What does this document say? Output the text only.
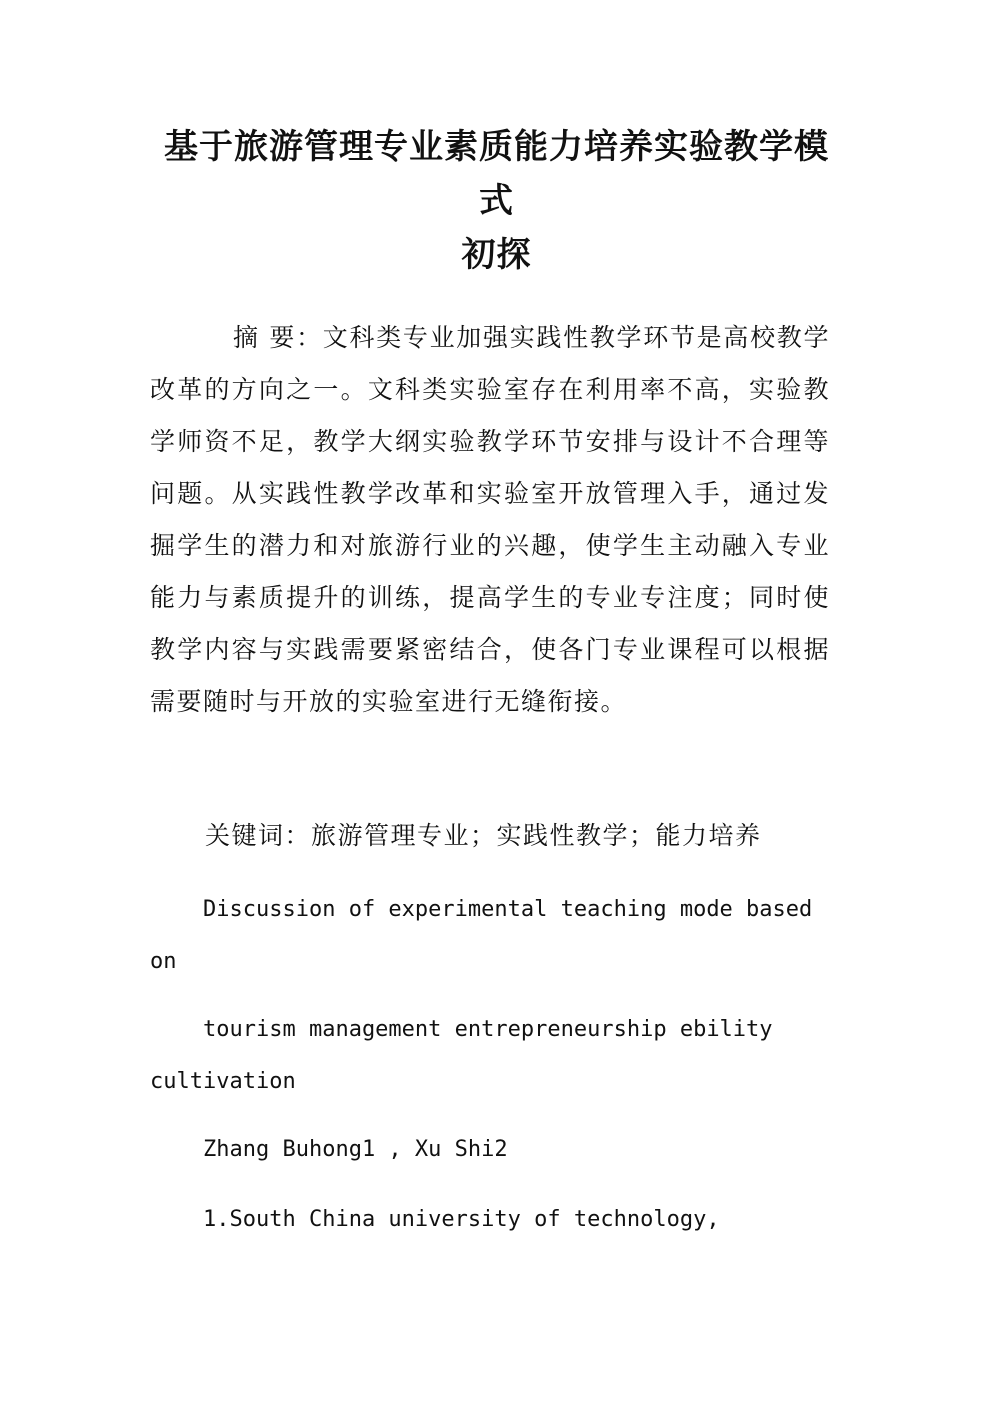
基于旅游管理专业素质能力培养实验教学模式
初探

摘 要：文科类专业加强实践性教学环节是高校教学改革的方向之一。文科类实验室存在利用率不高，实验教学师资不足，教学大纲实验教学环节安排与设计不合理等问题。从实践性教学改革和实验室开放管理入手，通过发掘学生的潜力和对旅游行业的兴趣，使学生主动融入专业能力与素质提升的训练，提高学生的专业专注度；同时使教学内容与实践需要紧密结合，使各门专业课程可以根据需要随时与开放的实验室进行无缝衔接。

关键词：旅游管理专业；实践性教学；能力培养

Discussion of experimental teaching mode based on

tourism management entrepreneurship ebility cultivation

Zhang Buhong1 , Xu Shi2

1.South China university of technology,
